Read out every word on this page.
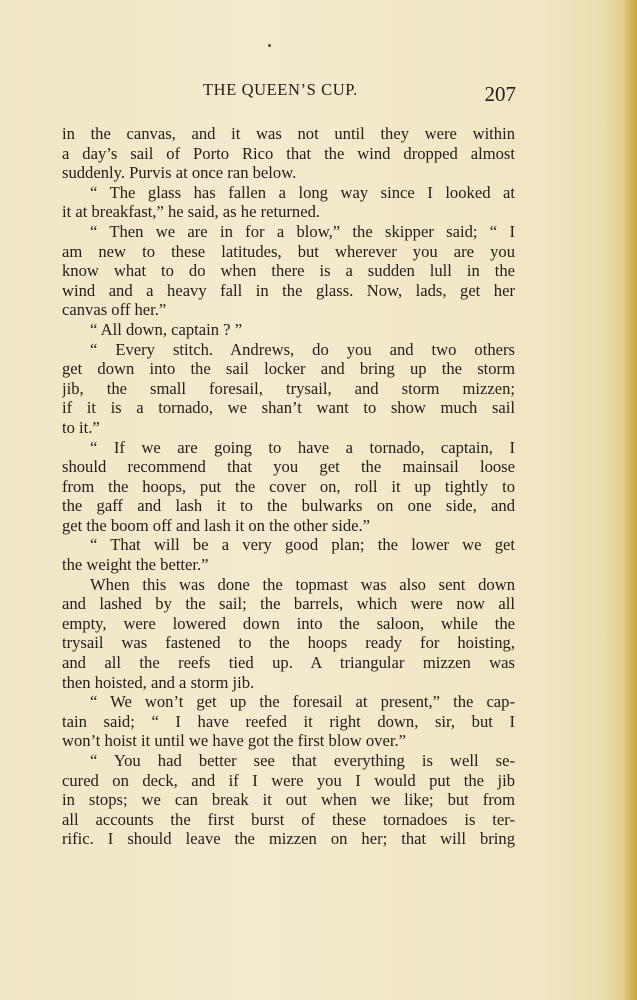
THE QUEEN’S CUP.	207
in the canvas, and it was not until they were within
a day’s sail of Porto Rico that the wind dropped almost
suddenly. Purvis at once ran below.
“ The glass has fallen a long way since I looked at
it at breakfast,” he said, as he returned.
“ Then we are in for a blow,” the skipper said; “ I
am new to these latitudes, but wherever you are you
know what to do when there is a sudden lull in the
wind and a heavy fall in the glass. Now, lads, get her
canvas off her.”
“ All down, captain ? ”
“ Every stitch. Andrews, do you and two others
get down into the sail locker and bring up the storm
jib, the small foresail, trysail, and storm mizzen;
if it is a tornado, we shan’t want to show much sail
to it.”
“ If we are going to have a tornado, captain, I
should recommend that you get the mainsail loose
from the hoops, put the cover on, roll it up tightly to
the gaff and lash it to the bulwarks on one side, and
get the boom off and lash it on the other side.”
“ That will be a very good plan; the lower we get
the weight the better.”
When this was done the topmast was also sent down
and lashed by the sail; the barrels, which were now all
empty, were lowered down into the saloon, while the
trysail was fastened to the hoops ready for hoisting,
and all the reefs tied up. A triangular mizzen was
then hoisted, and a storm jib.
“ We won’t get up the foresail at present,” the cap-
tain said; “ I have reefed it right down, sir, but I
won’t hoist it until we have got the first blow over.”
“ You had better see that everything is well se-
cured on deck, and if I were you I would put the jib
in stops; we can break it out when we like; but from
all accounts the first burst of these tornadoes is ter-
rific. I should leave the mizzen on her; that will bring
